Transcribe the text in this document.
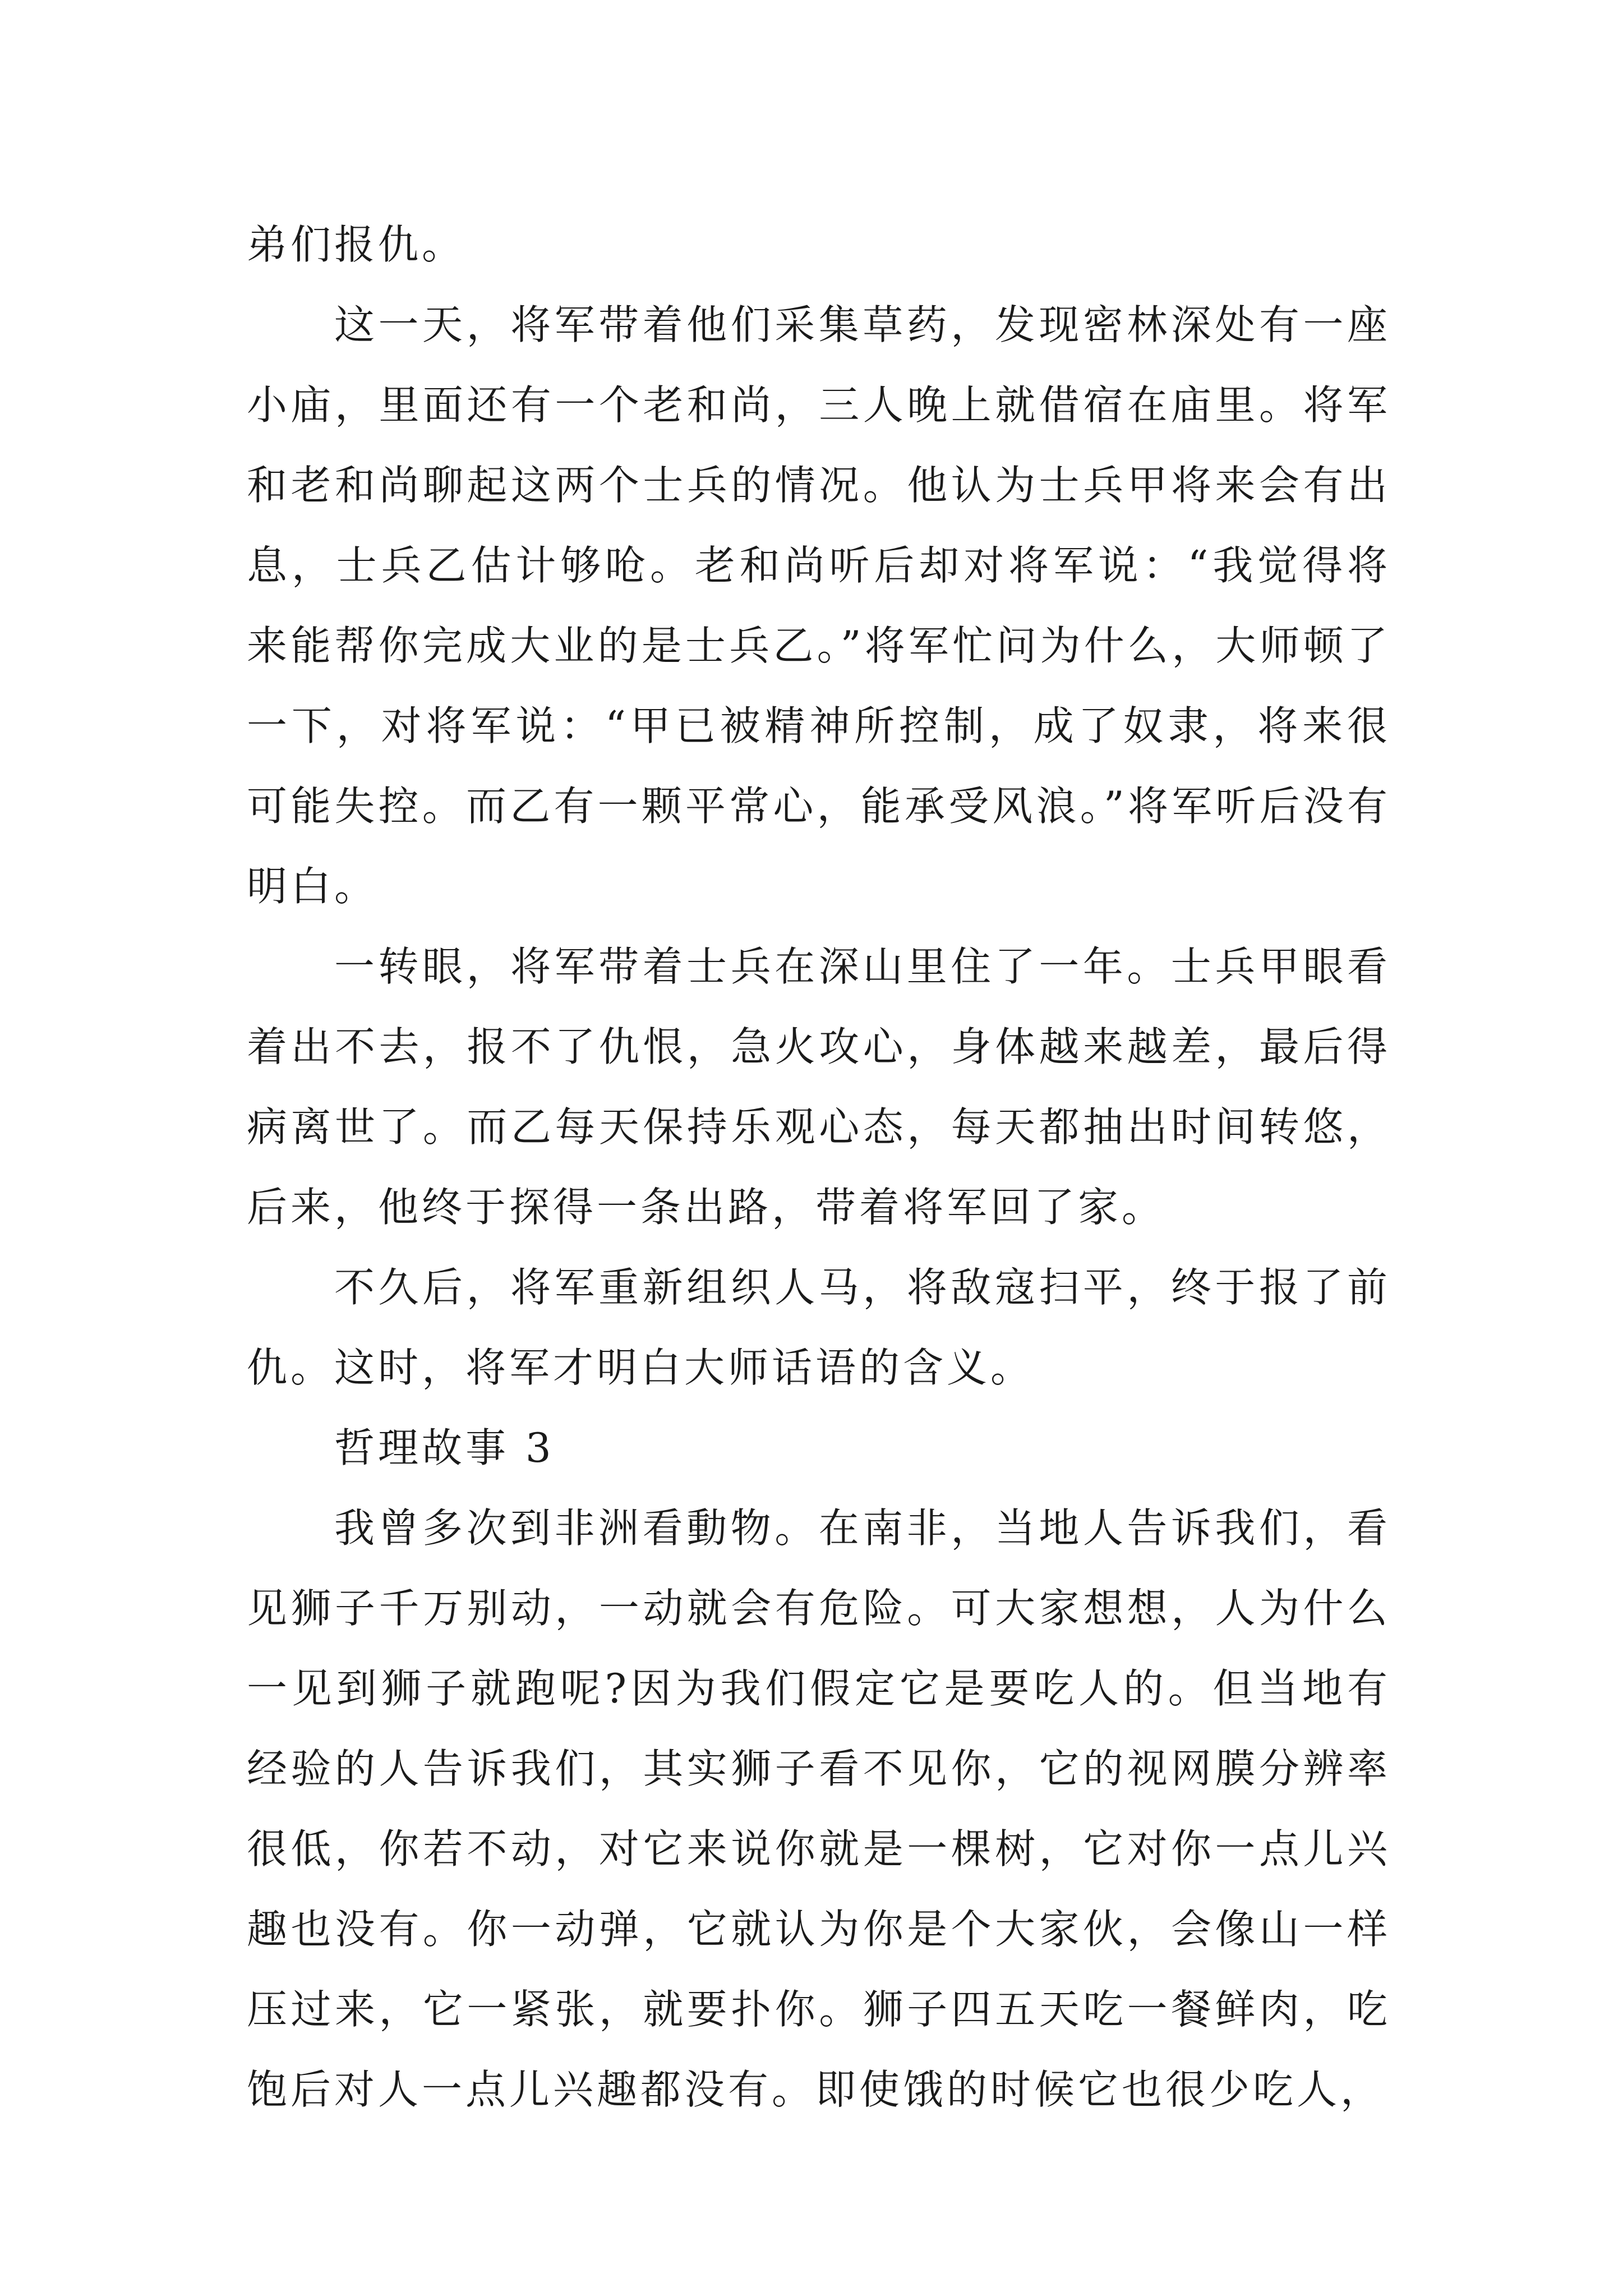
弟们报仇。

这一天，将军带着他们采集草药，发现密林深处有一座小庙，里面还有一个老和尚，三人晚上就借宿在庙里。将军和老和尚聊起这两个士兵的情况。他认为士兵甲将来会有出息，士兵乙估计够呛。老和尚听后却对将军说：“我觉得将来能帮你完成大业的是士兵乙。”将军忙问为什么，大师顿了一下，对将军说：“甲已被精神所控制，成了奴隶，将来很可能失控。而乙有一颗平常心，能承受风浪。”将军听后没有明白。

一转眼，将军带着士兵在深山里住了一年。士兵甲眼看着出不去，报不了仇恨，急火攻心，身体越来越差，最后得病离世了。而乙每天保持乐观心态，每天都抽出时间转悠，后来，他终于探得一条出路，带着将军回了家。

不久后，将军重新组织人马，将敌寇扫平，终于报了前仇。这时，将军才明白大师话语的含义。

哲理故事 3

我曾多次到非洲看動物。在南非，当地人告诉我们，看见狮子千万别动，一动就会有危险。可大家想想，人为什么一见到狮子就跑呢?因为我们假定它是要吃人的。但当地有经验的人告诉我们，其实狮子看不见你，它的视网膜分辨率很低，你若不动，对它来说你就是一棵树，它对你一点儿兴趣也没有。你一动弹，它就认为你是个大家伙，会像山一样压过来，它一紧张，就要扑你。狮子四五天吃一餐鲜肉，吃饱后对人一点儿兴趣都没有。即使饿的时候它也很少吃人，
